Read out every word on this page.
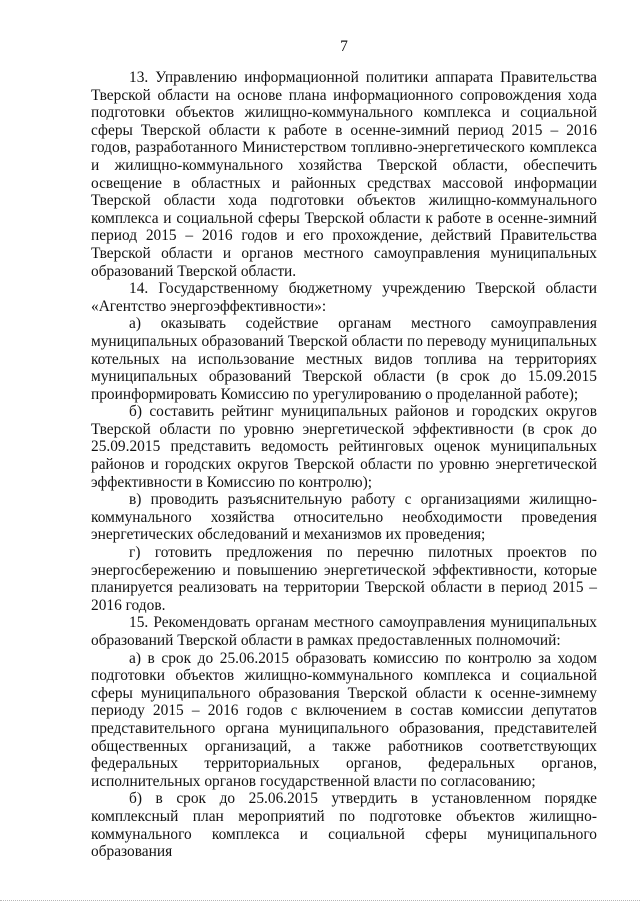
7

13. Управлению информационной политики аппарата Правительства Тверской области на основе плана информационного сопровождения хода подготовки объектов жилищно-коммунального комплекса и социальной сферы Тверской области к работе в осенне-зимний период 2015 – 2016 годов, разработанного Министерством топливно-энергетического комплекса и жилищно-коммунального хозяйства Тверской области, обеспечить освещение в областных и районных средствах массовой информации Тверской области хода подготовки объектов жилищно-коммунального комплекса и социальной сферы Тверской области к работе в осенне-зимний период 2015 – 2016 годов и его прохождение, действий Правительства Тверской области и органов местного самоуправления муниципальных образований Тверской области.

14. Государственному бюджетному учреждению Тверской области «Агентство энергоэффективности»:

а) оказывать содействие органам местного самоуправления муниципальных образований Тверской области по переводу муниципальных котельных на использование местных видов топлива на территориях муниципальных образований Тверской области (в срок до 15.09.2015 проинформировать Комиссию по урегулированию о проделанной работе);

б) составить рейтинг муниципальных районов и городских округов Тверской области по уровню энергетической эффективности (в срок до 25.09.2015 представить ведомость рейтинговых оценок муниципальных районов и городских округов Тверской области по уровню энергетической эффективности в Комиссию по контролю);

в) проводить разъяснительную работу с организациями жилищно-коммунального хозяйства относительно необходимости проведения энергетических обследований и механизмов их проведения;

г) готовить предложения по перечню пилотных проектов по энергосбережению и повышению энергетической эффективности, которые планируется реализовать на территории Тверской области в период 2015 – 2016 годов.

15. Рекомендовать органам местного самоуправления муниципальных образований Тверской области в рамках предоставленных полномочий:

а) в срок до 25.06.2015 образовать комиссию по контролю за ходом подготовки объектов жилищно-коммунального комплекса и социальной сферы муниципального образования Тверской области к осенне-зимнему периоду 2015 – 2016 годов с включением в состав комиссии депутатов представительного органа муниципального образования, представителей общественных организаций, а также работников соответствующих федеральных территориальных органов, федеральных органов, исполнительных органов государственной власти по согласованию;

б) в срок до 25.06.2015 утвердить в установленном порядке комплексный план мероприятий по подготовке объектов жилищно-коммунального комплекса и социальной сферы муниципального образования
